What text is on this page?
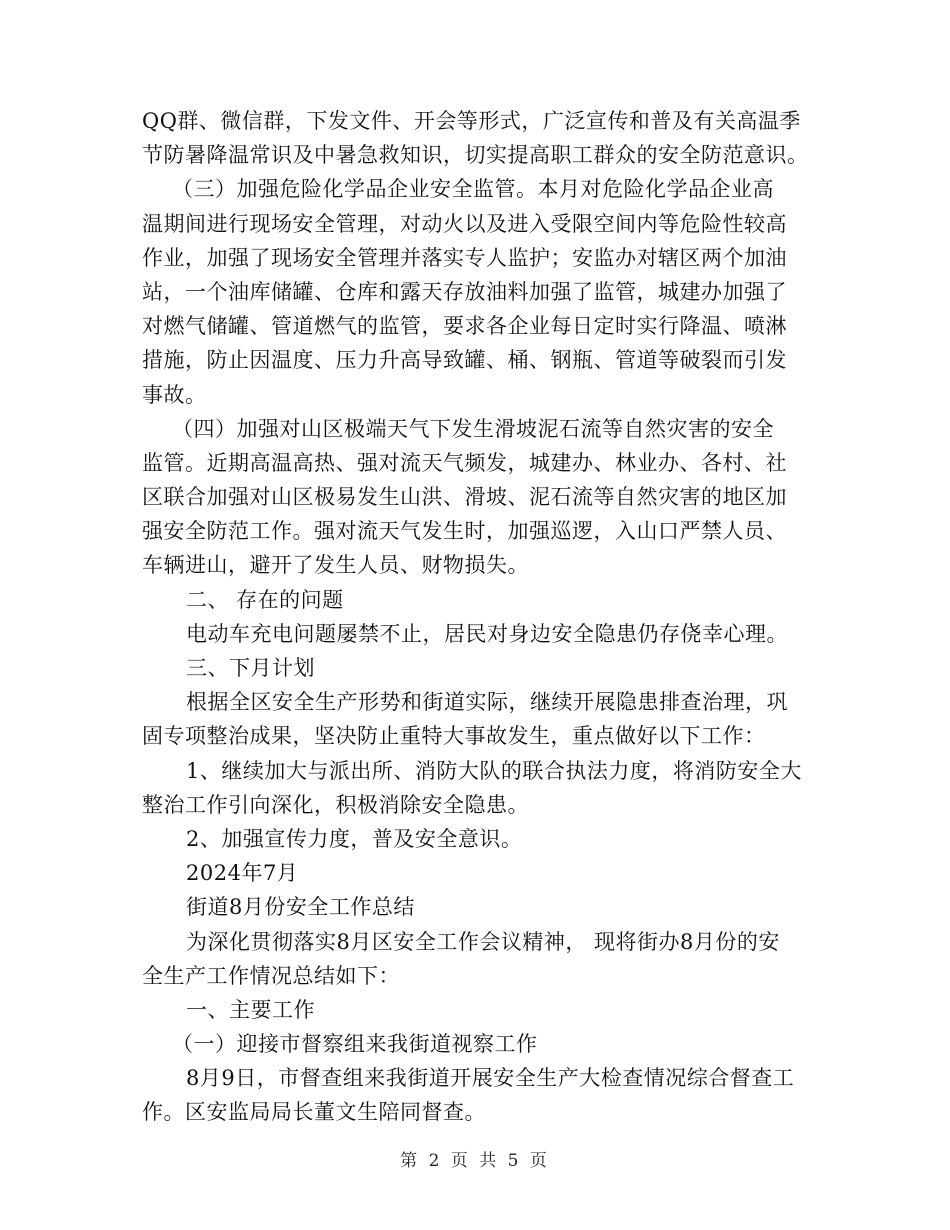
QQ群、微信群，下发文件、开会等形式，广泛宣传和普及有关高温季
节防暑降温常识及中暑急救知识，切实提高职工群众的安全防范意识。
（三）加强危险化学品企业安全监管。本月对危险化学品企业高
温期间进行现场安全管理，对动火以及进入受限空间内等危险性较高
作业，加强了现场安全管理并落实专人监护；安监办对辖区两个加油
站，一个油库储罐、仓库和露天存放油料加强了监管，城建办加强了
对燃气储罐、管道燃气的监管，要求各企业每日定时实行降温、喷淋
措施，防止因温度、压力升高导致罐、桶、钢瓶、管道等破裂而引发
事故。
（四）加强对山区极端天气下发生滑坡泥石流等自然灾害的安全
监管。近期高温高热、强对流天气频发，城建办、林业办、各村、社
区联合加强对山区极易发生山洪、滑坡、泥石流等自然灾害的地区加
强安全防范工作。强对流天气发生时，加强巡逻，入山口严禁人员、
车辆进山，避开了发生人员、财物损失。
二、 存在的问题
电动车充电问题屡禁不止，居民对身边安全隐患仍存侥幸心理。
三、下月计划
根据全区安全生产形势和街道实际，继续开展隐患排查治理，巩
固专项整治成果，坚决防止重特大事故发生，重点做好以下工作：
1、继续加大与派出所、消防大队的联合执法力度，将消防安全大
整治工作引向深化，积极消除安全隐患。
2、加强宣传力度，普及安全意识。
2024年7月
街道8月份安全工作总结
为深化贯彻落实8月区安全工作会议精神， 现将街办8月份的安
全生产工作情况总结如下：
一、主要工作
（一）迎接市督察组来我街道视察工作
8月9日，市督查组来我街道开展安全生产大检查情况综合督查工
作。区安监局局长董文生陪同督查。
第 2 页 共 5 页
